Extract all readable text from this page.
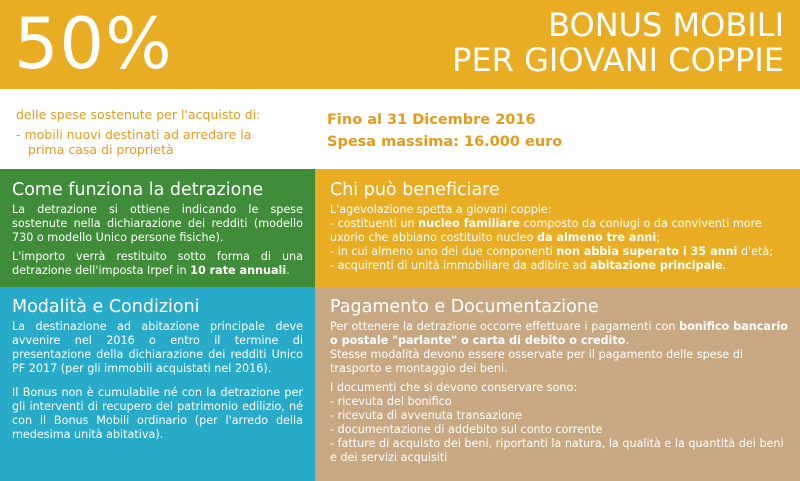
50%	BONUS MOBILI
PER GIOVANI COPPIE
delle spese sostenute per l'acquisto di:
- mobili nuovi destinati ad arredare la
prima casa di proprietà
Fino al 31 Dicembre 2016
Spesa massima: 16.000 euro
Come funziona la detrazione

La detrazione si ottiene indicando le spese sostenute nella dichiarazione dei redditi (modello 730 o modello Unico persone fisiche).

L'importo verrà restituito sotto forma di una detrazione dell'imposta Irpef in 10 rate annuali.

Chi può beneficiare

L'agevolazione spetta a giovani coppie:

- costituenti un nucleo familiare composto da coniugi o da conviventi more uxorio che abbiano costituito nucleo da almeno tre anni;

- in cui almeno uno dei due componenti non abbia superato i 35 anni d'età;

- acquirenti di unità immobiliare da adibire ad abitazione principale.

Modalità e Condizioni

La destinazione ad abitazione principale deve avvenire nel 2016 o entro il termine di presentazione della dichiarazione dei redditi Unico PF 2017 (per gli immobili acquistati nel 2016).

Il Bonus non è cumulabile né con la detrazione per gli interventi di recupero del patrimonio edilizio, né con il Bonus Mobili ordinario (per l'arredo della medesima unità abitativa).

Pagamento e Documentazione

Per ottenere la detrazione occorre effettuare i pagamenti con bonifico bancario o postale "parlante" o carta di debito o credito.

Stesse modalità devono essere osservate per il pagamento delle spese di trasporto e montaggio dei beni.

I documenti che si devono conservare sono:

- ricevuta del bonifico

- ricevuta di avvenuta transazione

- documentazione di addebito sul conto corrente

- fatture di acquisto dei beni, riportanti la natura, la qualità e la quantità dei beni e dei servizi acquisiti
